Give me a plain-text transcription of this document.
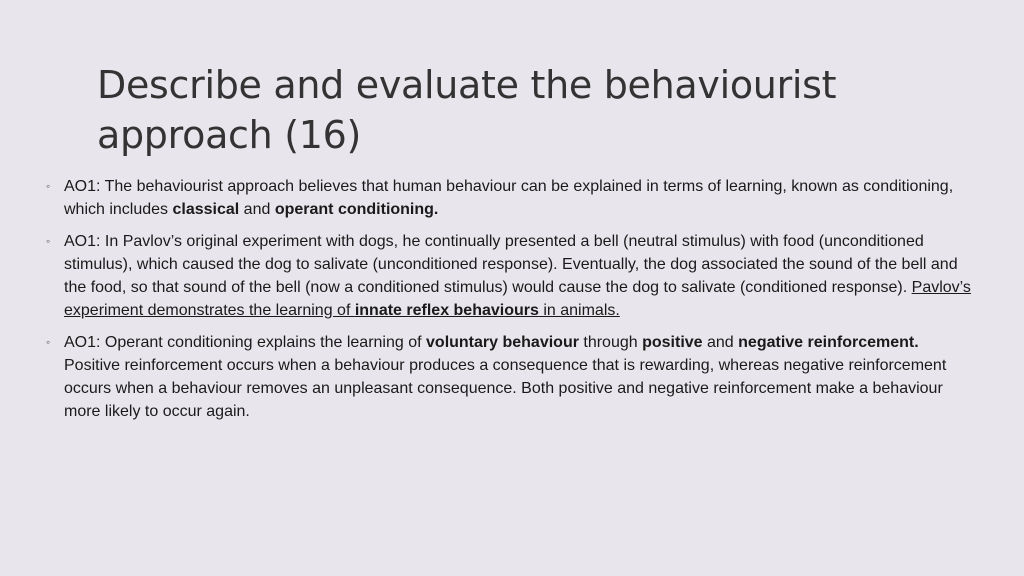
Describe and evaluate the behaviourist approach (16)
◦ AO1: The behaviourist approach believes that human behaviour can be explained in terms of learning, known as conditioning, which includes classical and operant conditioning.
◦ AO1: In Pavlov’s original experiment with dogs, he continually presented a bell (neutral stimulus) with food (unconditioned stimulus), which caused the dog to salivate (unconditioned response). Eventually, the dog associated the sound of the bell and the food, so that sound of the bell (now a conditioned stimulus) would cause the dog to salivate (conditioned response). Pavlov’s experiment demonstrates the learning of innate reflex behaviours in animals.
◦ AO1: Operant conditioning explains the learning of voluntary behaviour through positive and negative reinforcement. Positive reinforcement occurs when a behaviour produces a consequence that is rewarding, whereas negative reinforcement occurs when a behaviour removes an unpleasant consequence. Both positive and negative reinforcement make a behaviour more likely to occur again.
